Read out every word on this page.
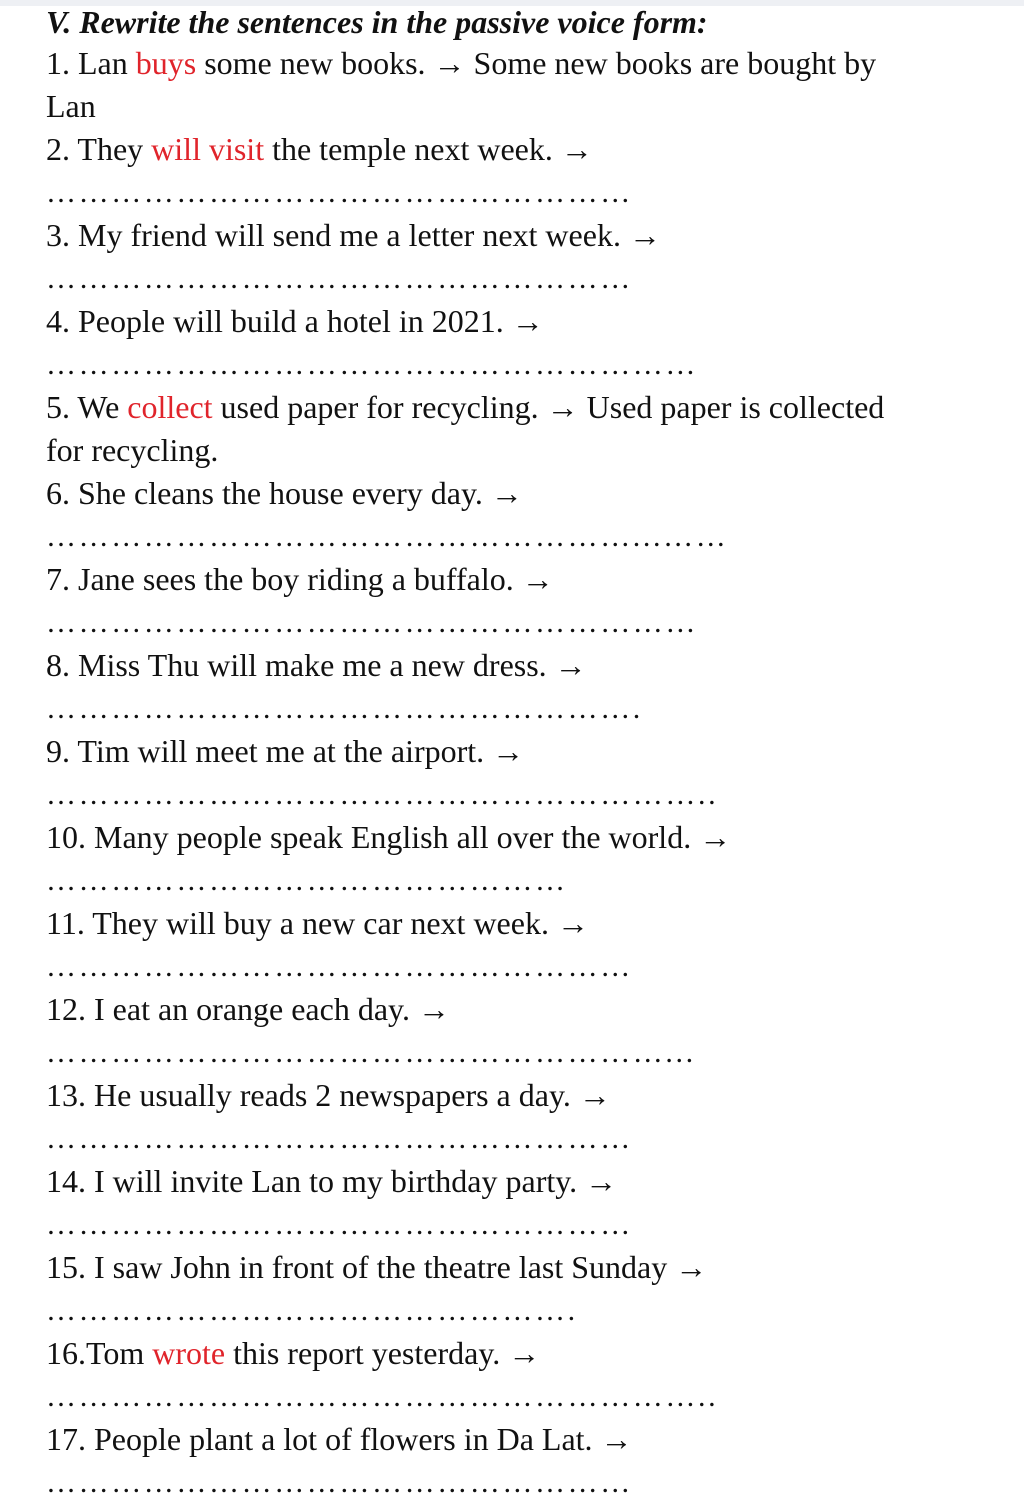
V. Rewrite the sentences in the passive voice form:
1. Lan buys some new books. → Some new books are bought by
Lan
2. They will visit the temple next week. →
………………………………………………
3. My friend will send me a letter next week. →
………………………………………………
4. People will build a hotel in 2021. →
……………………………………………………
5. We collect used paper for recycling. → Used paper is collected
for recycling.
6. She cleans the house every day. →
………………………………………………...……
7. Jane sees the boy riding a buffalo. →
……………………………………………………
8. Miss Thu will make me a new dress. →
……………………………………………….
9. Tim will meet me at the airport. →
……………………………………………………..
10. Many people speak English all over the world. →
…………………………………………
11. They will buy a new car next week. →
………………………………………………
12. I eat an orange each day. →
…………………………………………………...
13. He usually reads 2 newspapers a day. →
………………………………………………
14. I will invite Lan to my birthday party. →
………………………………………………
15. I saw John in front of the theatre last Sunday →
………………………………………….
16.Tom wrote this report yesterday. →
……………………………………………………..
17. People plant a lot of flowers in Da Lat. →
………………………………………………
